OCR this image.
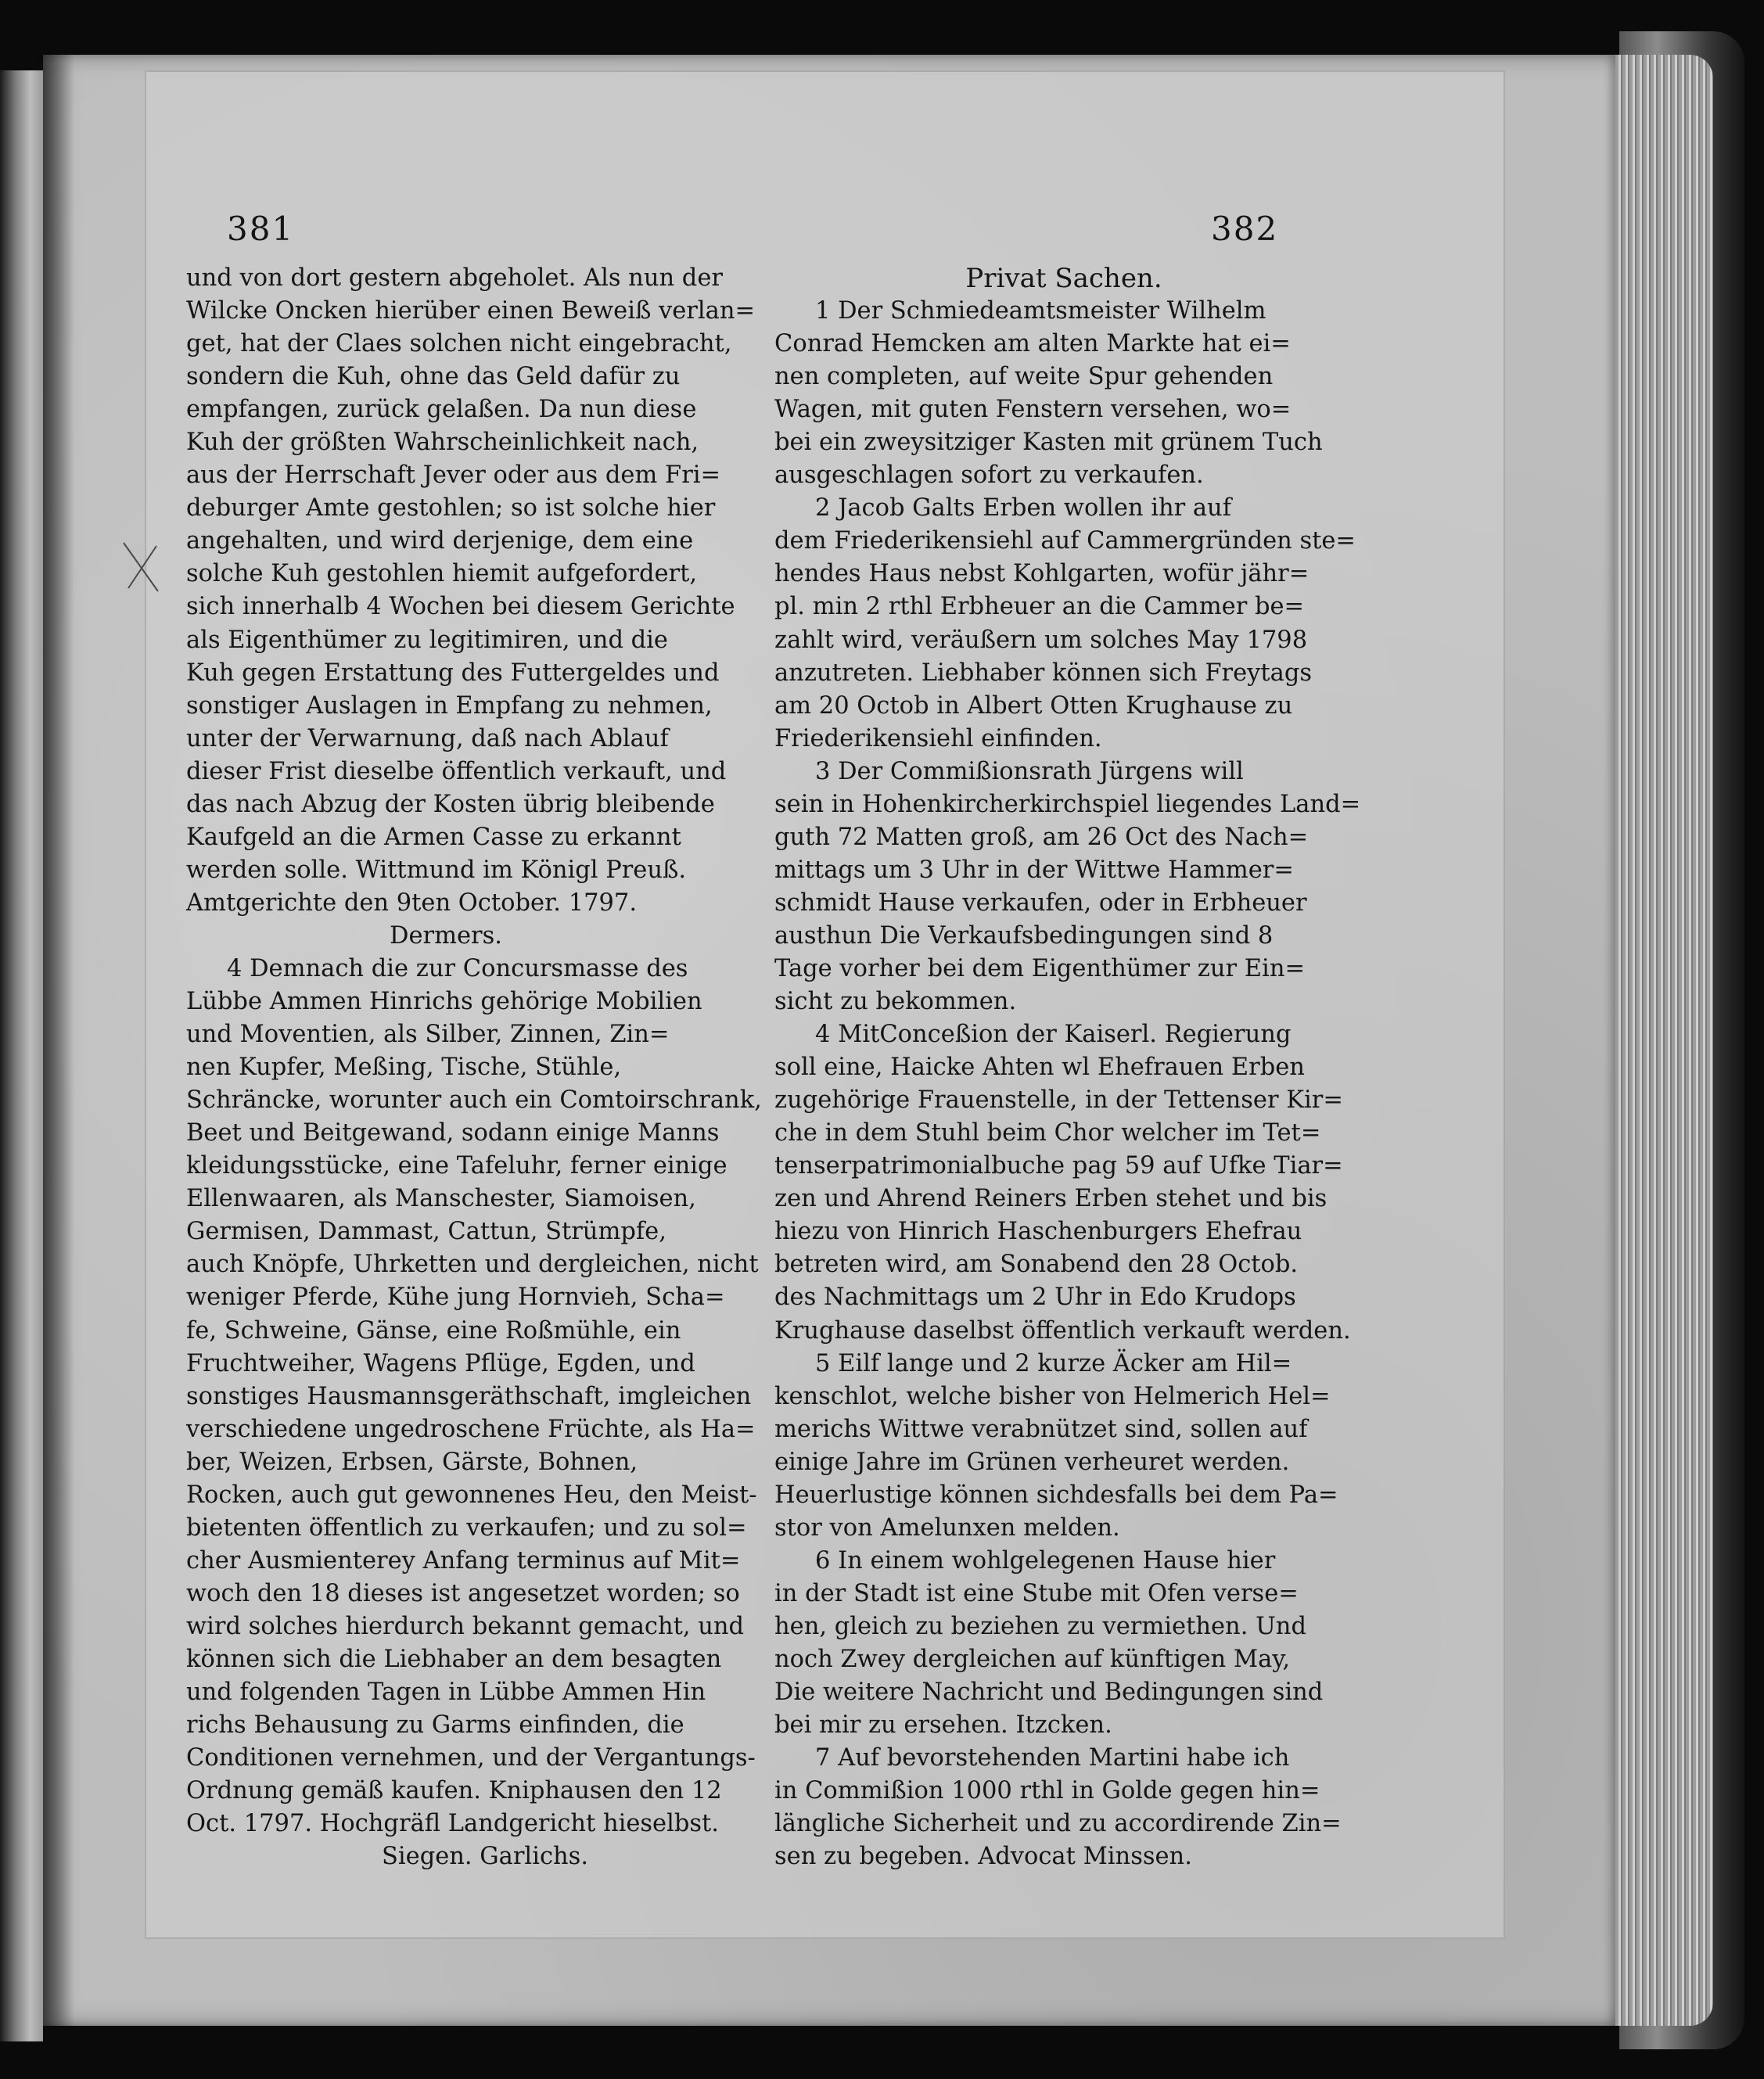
381	382
und von dort gestern abgeholet. Als nun der
Wilcke Oncken hierüber einen Beweiß verlan=
get, hat der Claes solchen nicht eingebracht,
sondern die Kuh, ohne das Geld dafür zu
empfangen, zurück gelaßen. Da nun diese
Kuh der größten Wahrscheinlichkeit nach,
aus der Herrschaft Jever oder aus dem Fri=
deburger Amte gestohlen; so ist solche hier
angehalten, und wird derjenige, dem eine
solche Kuh gestohlen hiemit aufgefordert,
sich innerhalb 4 Wochen bei diesem Gerichte
als Eigenthümer zu legitimiren, und die
Kuh gegen Erstattung des Futtergeldes und
sonstiger Auslagen in Empfang zu nehmen,
unter der Verwarnung, daß nach Ablauf
dieser Frist dieselbe öffentlich verkauft, und
das nach Abzug der Kosten übrig bleibende
Kaufgeld an die Armen Casse zu erkannt
werden solle. Wittmund im Königl Preuß.
Amtgerichte den 9ten October. 1797.
Dermers.
4 Demnach die zur Concursmasse des
Lübbe Ammen Hinrichs gehörige Mobilien
und Moventien, als Silber, Zinnen, Zin=
nen Kupfer, Meßing, Tische, Stühle,
Schräncke, worunter auch ein Comtoirschrank,
Beet und Beitgewand, sodann einige Manns
kleidungsstücke, eine Tafeluhr, ferner einige
Ellenwaaren, als Manschester, Siamoisen,
Germisen, Dammast, Cattun, Strümpfe,
auch Knöpfe, Uhrketten und dergleichen, nicht
weniger Pferde, Kühe jung Hornvieh, Scha=
fe, Schweine, Gänse, eine Roßmühle, ein
Fruchtweiher, Wagens Pflüge, Egden, und
sonstiges Hausmannsgeräthschaft, imgleichen
verschiedene ungedroschene Früchte, als Ha=
ber, Weizen, Erbsen, Gärste, Bohnen,
Rocken, auch gut gewonnenes Heu, den Meist-
bietenten öffentlich zu verkaufen; und zu sol=
cher Ausmienterey Anfang terminus auf Mit=
woch den 18 dieses ist angesetzet worden; so
wird solches hierdurch bekannt gemacht, und
können sich die Liebhaber an dem besagten
und folgenden Tagen in Lübbe Ammen Hin
richs Behausung zu Garms einfinden, die
Conditionen vernehmen, und der Vergantungs-
Ordnung gemäß kaufen. Kniphausen den 12
Oct. 1797. Hochgräfl Landgericht hieselbst.
Siegen. Garlichs.
Privat Sachen.
1 Der Schmiedeamtsmeister Wilhelm
Conrad Hemcken am alten Markte hat ei=
nen completen, auf weite Spur gehenden
Wagen, mit guten Fenstern versehen, wo=
bei ein zweysitziger Kasten mit grünem Tuch
ausgeschlagen sofort zu verkaufen.
2 Jacob Galts Erben wollen ihr auf
dem Friederikensiehl auf Cammergründen ste=
hendes Haus nebst Kohlgarten, wofür jähr=
pl. min 2 rthl Erbheuer an die Cammer be=
zahlt wird, veräußern um solches May 1798
anzutreten. Liebhaber können sich Freytags
am 20 Octob in Albert Otten Krughause zu
Friederikensiehl einfinden.
3 Der Commißionsrath Jürgens will
sein in Hohenkircherkirchspiel liegendes Land=
guth 72 Matten groß, am 26 Oct des Nach=
mittags um 3 Uhr in der Wittwe Hammer=
schmidt Hause verkaufen, oder in Erbheuer
austhun Die Verkaufsbedingungen sind 8
Tage vorher bei dem Eigenthümer zur Ein=
sicht zu bekommen.
4 MitConceßion der Kaiserl. Regierung
soll eine, Haicke Ahten wl Ehefrauen Erben
zugehörige Frauenstelle, in der Tettenser Kir=
che in dem Stuhl beim Chor welcher im Tet=
tenserpatrimonialbuche pag 59 auf Ufke Tiar=
zen und Ahrend Reiners Erben stehet und bis
hiezu von Hinrich Haschenburgers Ehefrau
betreten wird, am Sonabend den 28 Octob.
des Nachmittags um 2 Uhr in Edo Krudops
Krughause daselbst öffentlich verkauft werden.
5 Eilf lange und 2 kurze Äcker am Hil=
kenschlot, welche bisher von Helmerich Hel=
merichs Wittwe verabnützet sind, sollen auf
einige Jahre im Grünen verheuret werden.
Heuerlustige können sichdesfalls bei dem Pa=
stor von Amelunxen melden.
6 In einem wohlgelegenen Hause hier
in der Stadt ist eine Stube mit Ofen verse=
hen, gleich zu beziehen zu vermiethen. Und
noch Zwey dergleichen auf künftigen May,
Die weitere Nachricht und Bedingungen sind
bei mir zu ersehen. Itzcken.
7 Auf bevorstehenden Martini habe ich
in Commißion 1000 rthl in Golde gegen hin=
längliche Sicherheit und zu accordirende Zin=
sen zu begeben. Advocat Minssen.
